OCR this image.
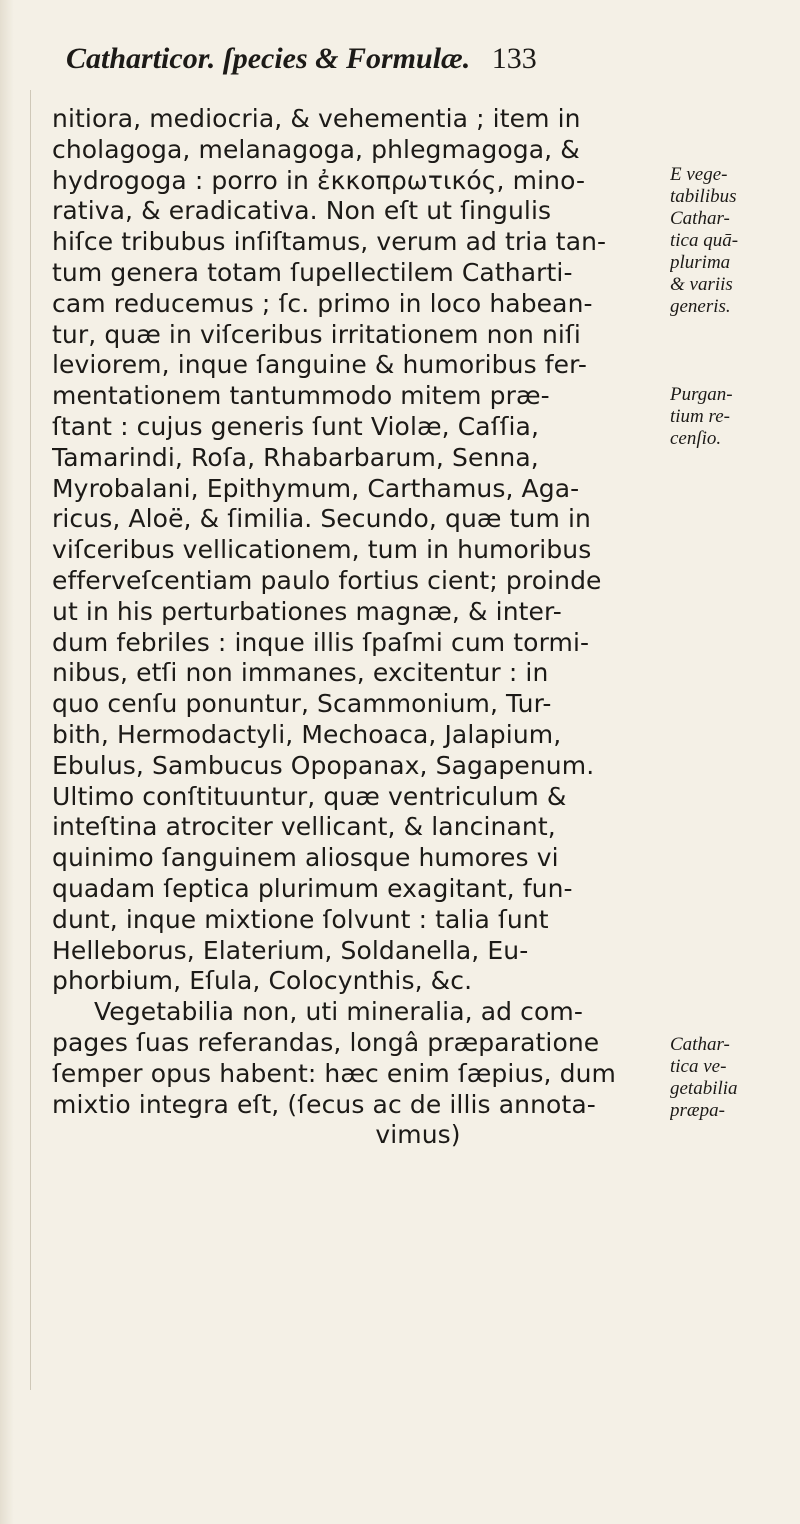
Catharticor. ſpecies & Formulæ. 133
nitiora, mediocria, & vehementia ; item in
cholagoga, melanagoga, phlegmagoga, &
hydrogoga : porro in ἐκκοπρωτικός, mino-
rativa, & eradicativa. Non eſt ut ſingulis
hiſce tribubus inſiſtamus, verum ad tria tan-
tum genera totam ſupellectilem Catharti-
cam reducemus ; ſc. primo in loco habean-
tur, quæ in viſceribus irritationem non niſi
leviorem, inque ſanguine & humoribus fer-
mentationem tantummodo mitem præ-
ſtant : cujus generis ſunt Violæ, Caſſia,
Tamarindi, Roſa, Rhabarbarum, Senna,
Myrobalani, Epithymum, Carthamus, Aga-
ricus, Aloë, & ſimilia. Secundo, quæ tum in
viſceribus vellicationem, tum in humoribus
efferveſcentiam paulo fortius cient; proinde
ut in his perturbationes magnæ, & inter-
dum febriles : inque illis ſpaſmi cum tormi-
nibus, etſi non immanes, excitentur : in
quo cenſu ponuntur, Scammonium, Tur-
bith, Hermodactyli, Mechoaca, Jalapium,
Ebulus, Sambucus Opopanax, Sagapenum.
Ultimo conſtituuntur, quæ ventriculum &
inteſtina atrociter vellicant, & lancinant,
quinimo ſanguinem aliosque humores vi
quadam ſeptica plurimum exagitant, fun-
dunt, inque mixtione ſolvunt : talia ſunt
Helleborus, Elaterium, Soldanella, Eu-
phorbium, Eſula, Colocynthis, &c.
Vegetabilia non, uti mineralia, ad com-
pages ſuas referandas, longâ præparatione
ſemper opus habent: hæc enim ſæpius, dum
mixtio integra eſt, (ſecus ac de illis annota-
vimus)
E vege-
tabilibus
Cathar-
tica quā-
plurima
& variis
generis.
Purgan-
tium re-
cenſio.
Cathar-
tica ve-
getabilia
præpa-
